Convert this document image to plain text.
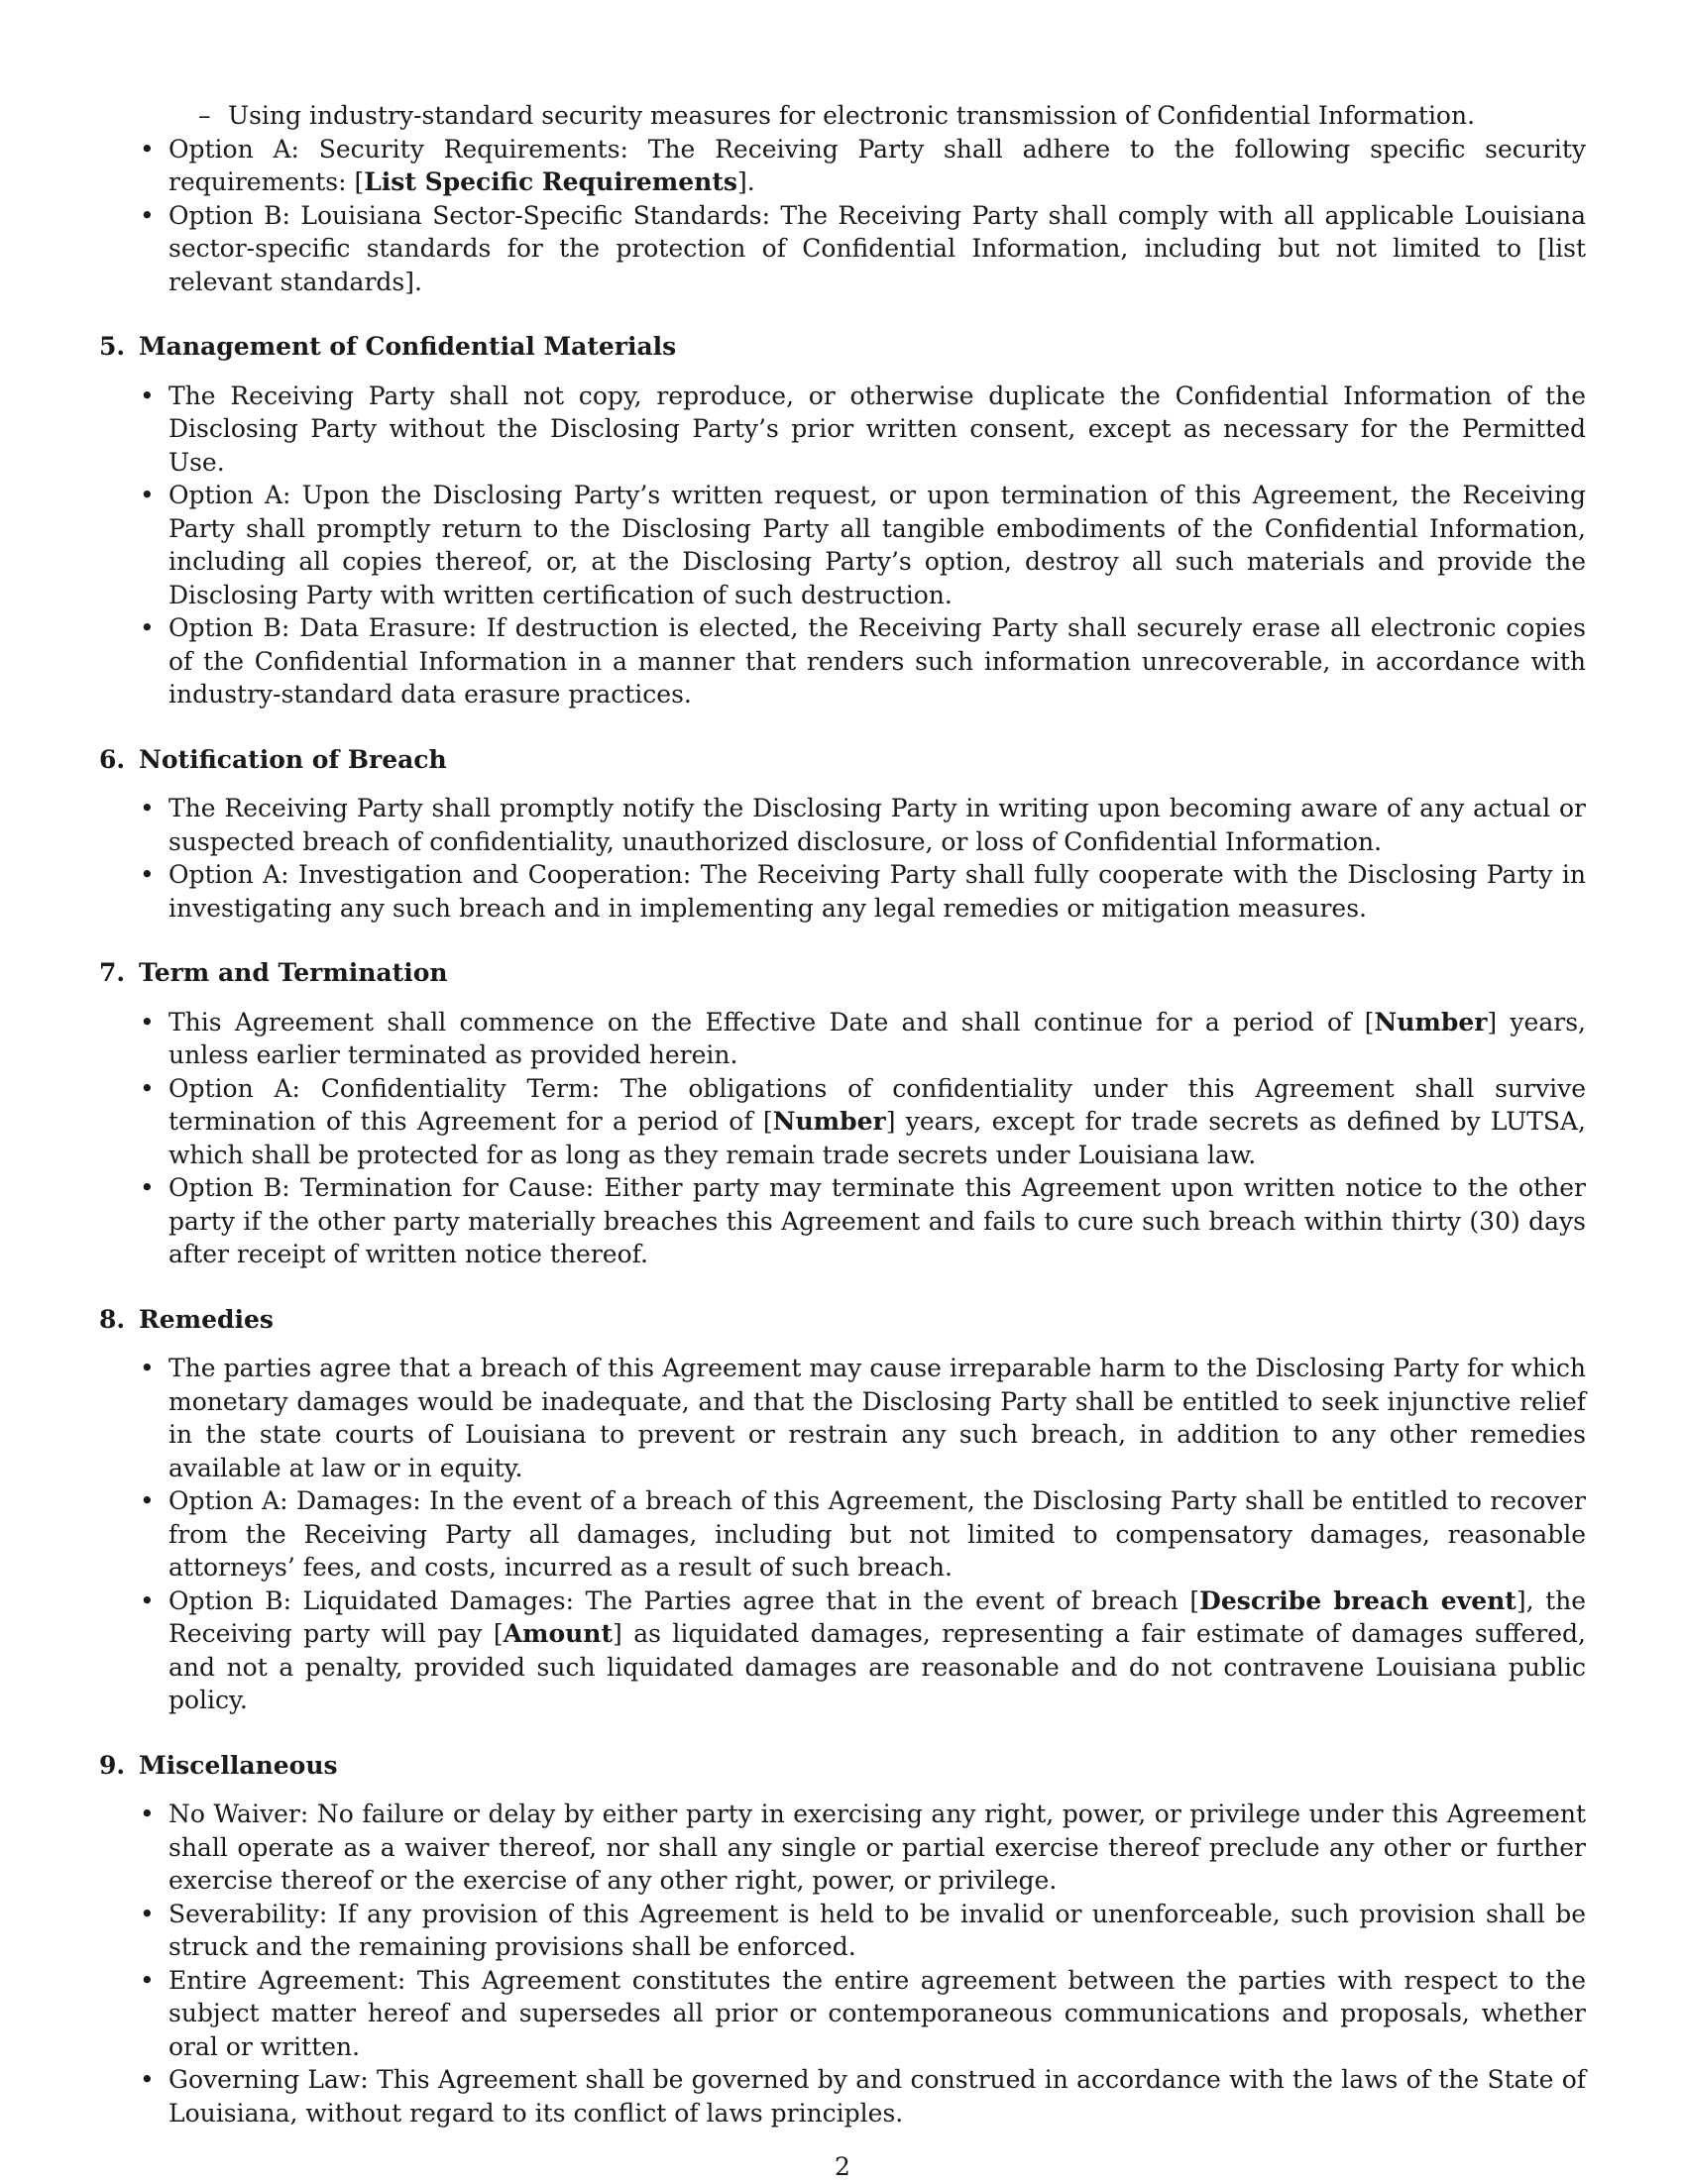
– Using industry-standard security measures for electronic transmission of Confidential Information.
• Option A: Security Requirements: The Receiving Party shall adhere to the following specific security requirements: [List Specific Requirements].
• Option B: Louisiana Sector-Specific Standards: The Receiving Party shall comply with all applicable Louisiana sector-specific standards for the protection of Confidential Information, including but not limited to [list relevant standards].
5. Management of Confidential Materials
• The Receiving Party shall not copy, reproduce, or otherwise duplicate the Confidential Information of the Disclosing Party without the Disclosing Party’s prior written consent, except as necessary for the Permitted Use.
• Option A: Upon the Disclosing Party’s written request, or upon termination of this Agreement, the Receiving Party shall promptly return to the Disclosing Party all tangible embodiments of the Confidential Information, including all copies thereof, or, at the Disclosing Party’s option, destroy all such materials and provide the Disclosing Party with written certification of such destruction.
• Option B: Data Erasure: If destruction is elected, the Receiving Party shall securely erase all electronic copies of the Confidential Information in a manner that renders such information unrecoverable, in accordance with industry-standard data erasure practices.
6. Notification of Breach
• The Receiving Party shall promptly notify the Disclosing Party in writing upon becoming aware of any actual or suspected breach of confidentiality, unauthorized disclosure, or loss of Confidential Information.
• Option A: Investigation and Cooperation: The Receiving Party shall fully cooperate with the Disclosing Party in investigating any such breach and in implementing any legal remedies or mitigation measures.
7. Term and Termination
• This Agreement shall commence on the Effective Date and shall continue for a period of [Number] years, unless earlier terminated as provided herein.
• Option A: Confidentiality Term: The obligations of confidentiality under this Agreement shall survive termination of this Agreement for a period of [Number] years, except for trade secrets as defined by LUTSA, which shall be protected for as long as they remain trade secrets under Louisiana law.
• Option B: Termination for Cause: Either party may terminate this Agreement upon written notice to the other party if the other party materially breaches this Agreement and fails to cure such breach within thirty (30) days after receipt of written notice thereof.
8. Remedies
• The parties agree that a breach of this Agreement may cause irreparable harm to the Disclosing Party for which monetary damages would be inadequate, and that the Disclosing Party shall be entitled to seek injunctive relief in the state courts of Louisiana to prevent or restrain any such breach, in addition to any other remedies available at law or in equity.
• Option A: Damages: In the event of a breach of this Agreement, the Disclosing Party shall be entitled to recover from the Receiving Party all damages, including but not limited to compensatory damages, reasonable attorneys’ fees, and costs, incurred as a result of such breach.
• Option B: Liquidated Damages: The Parties agree that in the event of breach [Describe breach event], the Receiving party will pay [Amount] as liquidated damages, representing a fair estimate of damages suffered, and not a penalty, provided such liquidated damages are reasonable and do not contravene Louisiana public policy.
9. Miscellaneous
• No Waiver: No failure or delay by either party in exercising any right, power, or privilege under this Agreement shall operate as a waiver thereof, nor shall any single or partial exercise thereof preclude any other or further exercise thereof or the exercise of any other right, power, or privilege.
• Severability: If any provision of this Agreement is held to be invalid or unenforceable, such provision shall be struck and the remaining provisions shall be enforced.
• Entire Agreement: This Agreement constitutes the entire agreement between the parties with respect to the subject matter hereof and supersedes all prior or contemporaneous communications and proposals, whether oral or written.
• Governing Law: This Agreement shall be governed by and construed in accordance with the laws of the State of Louisiana, without regard to its conflict of laws principles.
2
